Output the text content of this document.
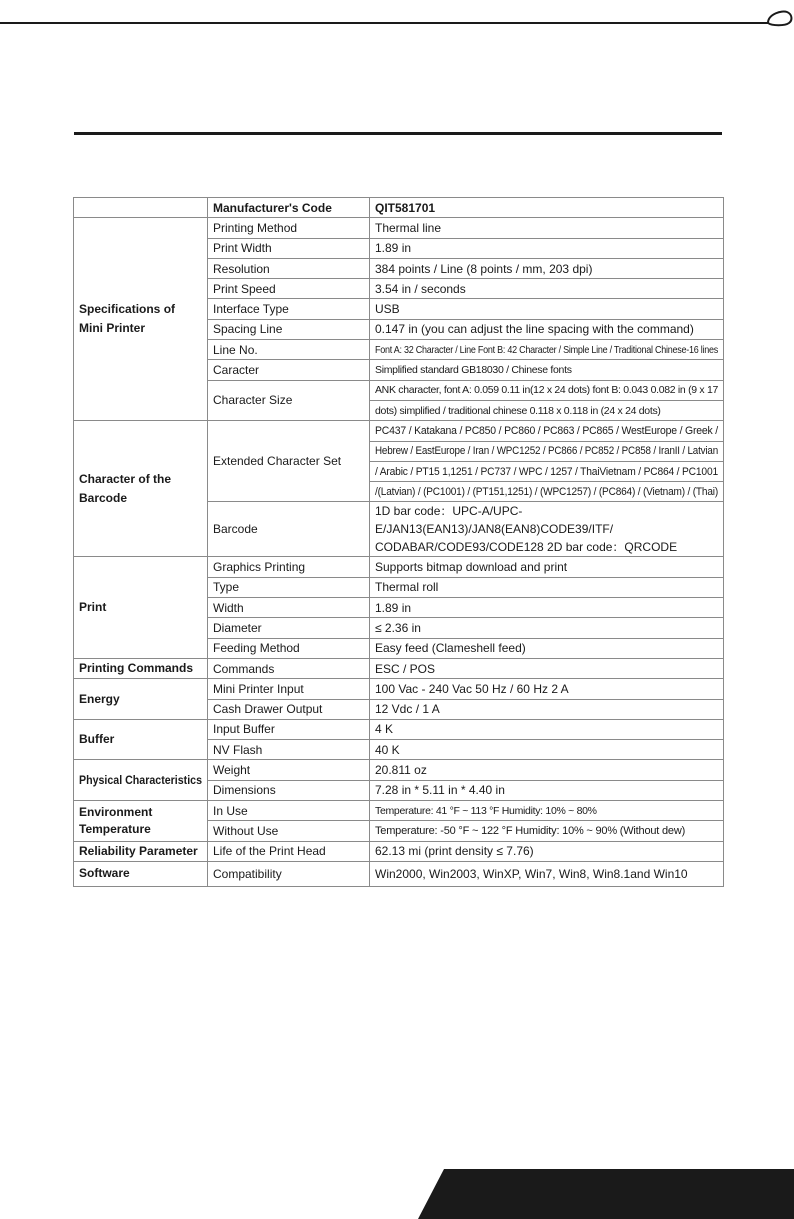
	Manufacturer's Code	QIT581701
Specifications of Mini Printer	Printing Method	Thermal line
	Print Width	1.89 in
	Resolution	384 points / Line (8 points / mm, 203 dpi)
	Print Speed	3.54 in / seconds
	Interface Type	USB
	Spacing Line	0.147 in (you can adjust the line spacing with the command)
	Line No.	Font A: 32 Character / Line Font B: 42 Character / Simple Line / Traditional Chinese-16 lines
	Caracter	Simplified standard GB18030 / Chinese fonts
	Character Size	ANK character, font A: 0.059 0.11 in(12 x 24 dots) font B: 0.043 0.082 in (9 x 17
		dots) simplified / traditional chinese 0.118 x 0.118 in (24 x 24 dots)
Character of the Barcode	Extended Character Set	PC437 / Katakana / PC850 / PC860 / PC863 / PC865 / WestEurope / Greek /
		Hebrew / EastEurope / Iran / WPC1252 / PC866 / PC852 / PC858 / IranII / Latvian
		/ Arabic / PT15 1,1251 / PC737 / WPC / 1257 / ThaiVietnam / PC864 / PC1001
		/(Latvian) / (PC1001) / (PT151,1251) / (WPC1257) / (PC864) / (Vietnam) / (Thai)
	Barcode	1D bar code：UPC-A/UPC-E/JAN13(EAN13)/JAN8(EAN8)CODE39/ITF/
CODABAR/CODE93/CODE128 2D bar code：QRCODE

Print	Graphics Printing	Supports bitmap download and print
	Type	Thermal roll
	Width	1.89 in
	Diameter	≤ 2.36 in
	Feeding Method	Easy feed (Clameshell feed)
Printing Commands	Commands	ESC / POS
Energy	Mini Printer Input	100 Vac - 240 Vac 50 Hz / 60 Hz 2 A
	Cash Drawer Output	12 Vdc / 1 A
Buffer	Input Buffer	4 K
	NV Flash	40 K
Physical Characteristics	Weight	20.811 oz
	Dimensions	7.28 in * 5.11 in * 4.40 in
Environment Temperature	In Use	Temperature: 41 °F ~ 113 °F Humidity: 10% ~ 80%
	Without Use	Temperature: -50 °F ~ 122 °F Humidity: 10% ~ 90% (Without dew)
Reliability Parameter	Life of the Print Head	62.13 mi (print density ≤ 7.76)
Software	Compatibility	Win2000, Win2003, WinXP, Win7, Win8, Win8.1and Win10
